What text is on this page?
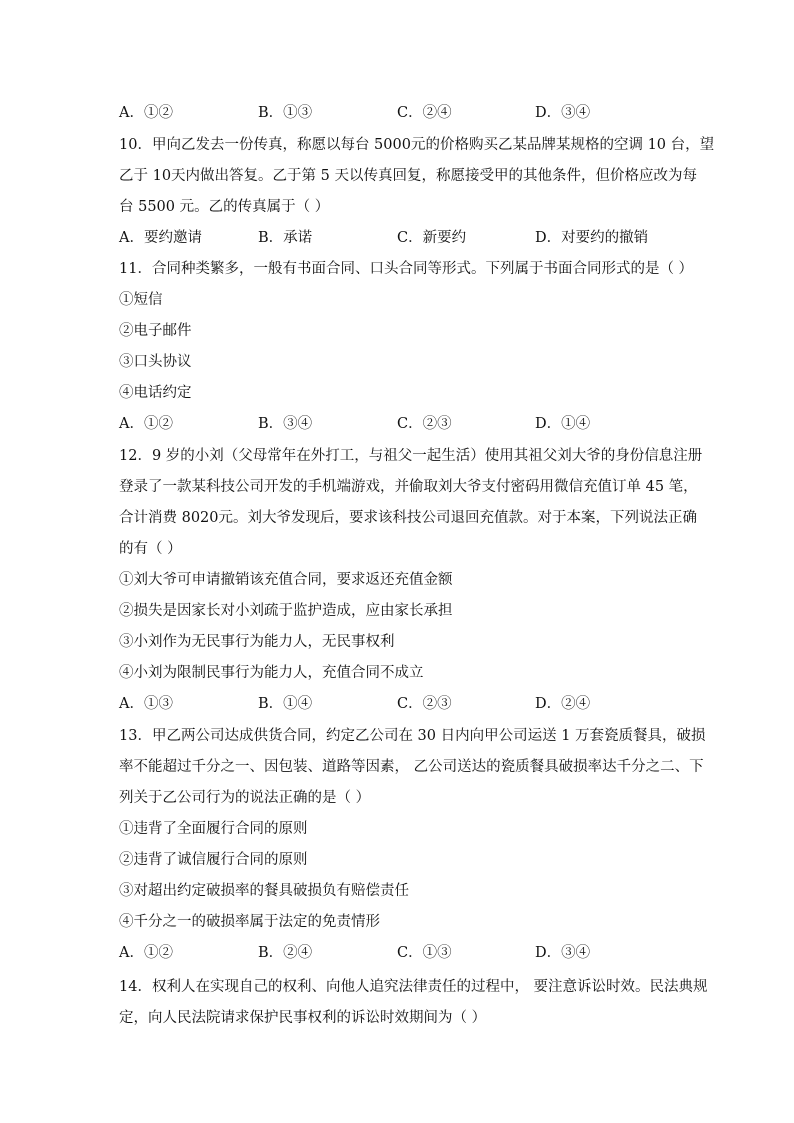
A．①②	B．①③	C．②④	D．③④
10．甲向乙发去一份传真，称愿以每台 5000元的价格购买乙某品牌某规格的空调 10 台，望
乙于 10天内做出答复。乙于第 5 天以传真回复，称愿接受甲的其他条件，但价格应改为每
台 5500 元。乙的传真属于（ ）
A．要约邀请	B．承诺	C．新要约	D．对要约的撤销
11．合同种类繁多，一般有书面合同、口头合同等形式。下列属于书面合同形式的是（ ）
①短信
②电子邮件
③口头协议
④电话约定
A．①②	B．③④	C．②③	D．①④
12．9 岁的小刘（父母常年在外打工，与祖父一起生活）使用其祖父刘大爷的身份信息注册
登录了一款某科技公司开发的手机端游戏，并偷取刘大爷支付密码用微信充值订单 45 笔，
合计消费 8020元。刘大爷发现后，要求该科技公司退回充值款。对于本案，下列说法正确
的有（ ）
①刘大爷可申请撤销该充值合同，要求返还充值金额
②损失是因家长对小刘疏于监护造成，应由家长承担
③小刘作为无民事行为能力人，无民事权利
④小刘为限制民事行为能力人，充值合同不成立
A．①③	B．①④	C．②③	D．②④
13．甲乙两公司达成供货合同，约定乙公司在 30 日内向甲公司运送 1 万套瓷质餐具，破损
率不能超过千分之一、因包装、道路等因素， 乙公司送达的瓷质餐具破损率达千分之二、下
列关于乙公司行为的说法正确的是（ ）
①违背了全面履行合同的原则
②违背了诚信履行合同的原则
③对超出约定破损率的餐具破损负有赔偿责任
④千分之一的破损率属于法定的免责情形
A．①②	B．②④	C．①③	D．③④
14．权利人在实现自己的权利、向他人追究法律责任的过程中， 要注意诉讼时效。民法典规
定，向人民法院请求保护民事权利的诉讼时效期间为（ ）
